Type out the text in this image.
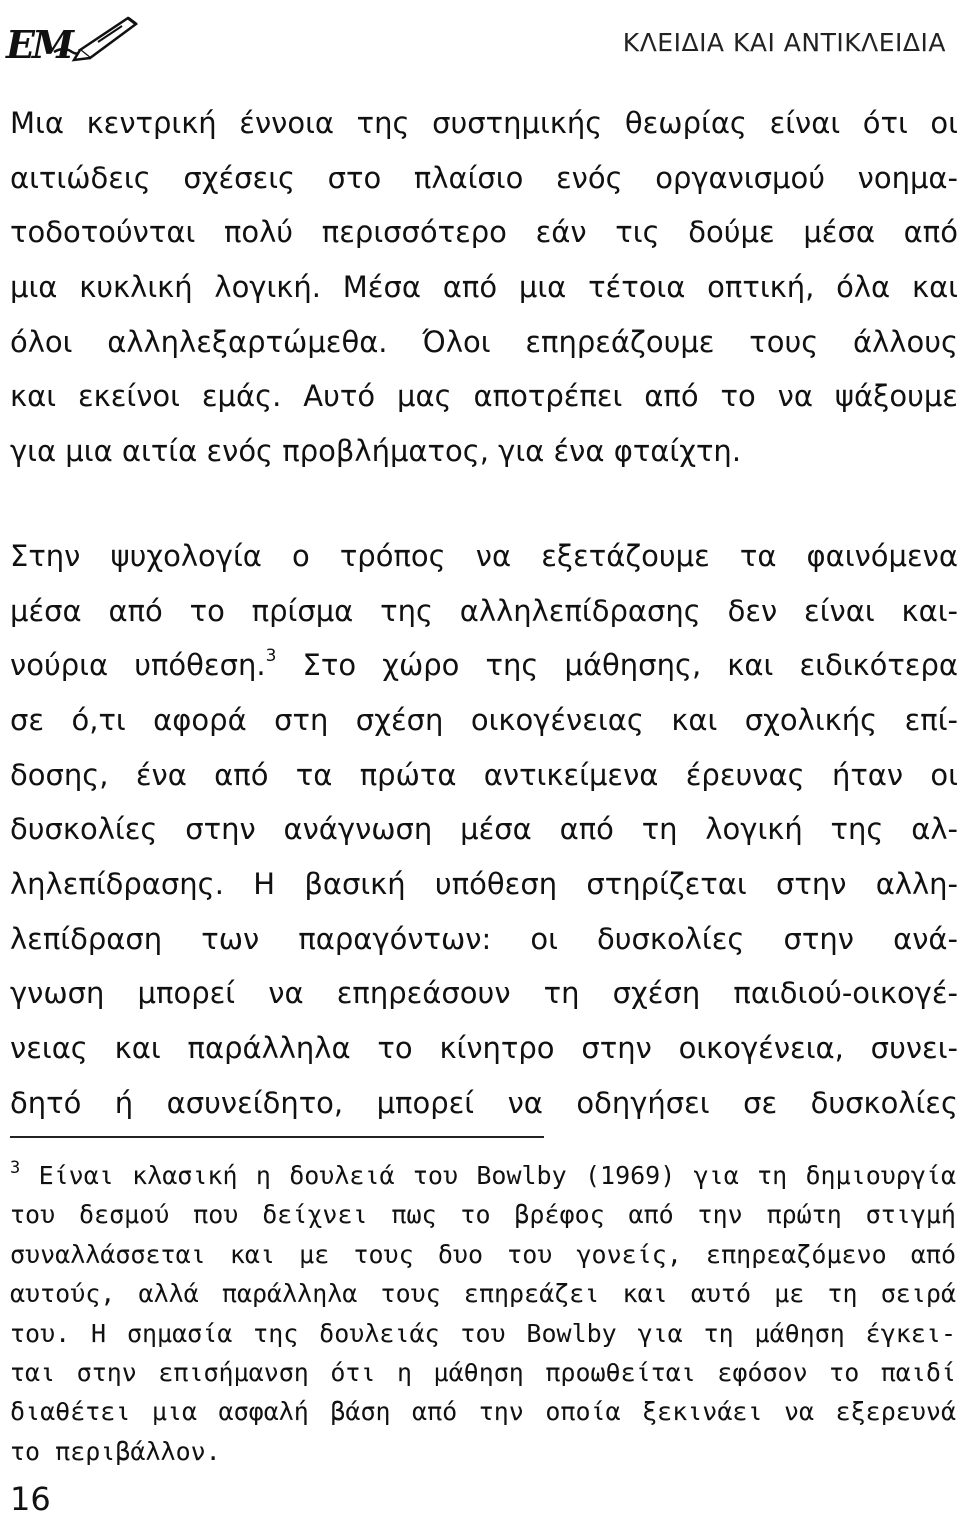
ΕΜ	ΚΛΕΙΔΙΑ ΚΑΙ ΑΝΤΙΚΛΕΙΔΙΑ
Μια κεντρική έννοια της συστημικής θεωρίας είναι ότι οι
αιτιώδεις σχέσεις στο πλαίσιο ενός οργανισμού νοημα-
τοδοτούνται πολύ περισσότερο εάν τις δούμε μέσα από
μια κυκλική λογική. Μέσα από μια τέτοια οπτική, όλα και
όλοι αλληλεξαρτώμεθα. Όλοι επηρεάζουμε τους άλλους
και εκείνοι εμάς. Αυτό μας αποτρέπει από το να ψάξουμε
για μια αιτία ενός προβλήματος, για ένα φταίχτη.
Στην ψυχολογία ο τρόπος να εξετάζουμε τα φαινόμενα
μέσα από το πρίσμα της αλληλεπίδρασης δεν είναι και-
νούρια υπόθεση.$^3$ Στο χώρο της μάθησης, και ειδικότερα
σε ό,τι αφορά στη σχέση οικογένειας και σχολικής επί-
δοσης, ένα από τα πρώτα αντικείμενα έρευνας ήταν οι
δυσκολίες στην ανάγνωση μέσα από τη λογική της αλ-
ληλεπίδρασης. Η βασική υπόθεση στηρίζεται στην αλλη-
λεπίδραση των παραγόντων: οι δυσκολίες στην ανά-
γνωση μπορεί να επηρεάσουν τη σχέση παιδιού-οικογέ-
νειας και παράλληλα το κίνητρο στην οικογένεια, συνει-
δητό ή ασυνείδητο, μπορεί να οδηγήσει σε δυσκολίες
$^3$ Είναι κλασική η δουλειά του Bowlby (1969) για τη δημιουργία
του δεσμού που δείχνει πως το βρέφος από την πρώτη στιγμή
συναλλάσσεται και με τους δυο του γονείς, επηρεαζόμενο από
αυτούς, αλλά παράλληλα τους επηρεάζει και αυτό με τη σειρά
του. Η σημασία της δουλειάς του Bowlby για τη μάθηση έγκει-
ται στην επισήμανση ότι η μάθηση προωθείται εφόσον το παιδί
διαθέτει μια ασφαλή βάση από την οποία ξεκινάει να εξερευνά
το περιβάλλον.
16
